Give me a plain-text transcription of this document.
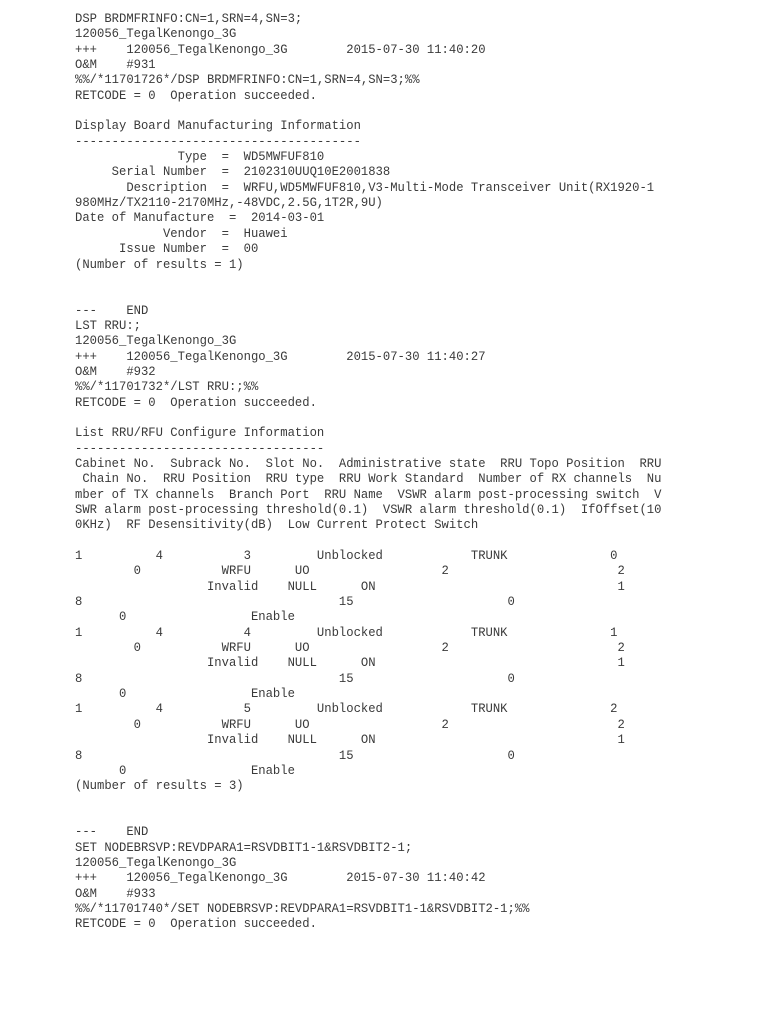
DSP BRDMFRINFO:CN=1,SRN=4,SN=3;
120056_TegalKenongo_3G
+++    120056_TegalKenongo_3G        2015-07-30 11:40:20
O&M    #931
%%/*11701726*/DSP BRDMFRINFO:CN=1,SRN=4,SN=3;%%
RETCODE = 0  Operation succeeded.
Display Board Manufacturing Information
---------------------------------------
Type  =  WD5MWFUF810
Serial Number  =  2102310UUQ10E2001838
Description  =  WRFU,WD5MWFUF810,V3-Multi-Mode Transceiver Unit(RX1920-1
980MHz/TX2110-2170MHz,-48VDC,2.5G,1T2R,9U)
Date of Manufacture  =  2014-03-01
Vendor  =  Huawei
Issue Number  =  00
(Number of results = 1)
---    END
LST RRU:;
120056_TegalKenongo_3G
+++    120056_TegalKenongo_3G        2015-07-30 11:40:27
O&M    #932
%%/*11701732*/LST RRU:;%%
RETCODE = 0  Operation succeeded.
List RRU/RFU Configure Information
----------------------------------
Cabinet No.  Subrack No.  Slot No.  Administrative state  RRU Topo Position  RRU
Chain No.  RRU Position  RRU type  RRU Work Standard  Number of RX channels  Nu
mber of TX channels  Branch Port  RRU Name  VSWR alarm post-processing switch  V
SWR alarm post-processing threshold(0.1)  VSWR alarm threshold(0.1)  IfOffset(10
0KHz)  RF Desensitivity(dB)  Low Current Protect Switch
1          4           3         Unblocked            TRUNK              0
0           WRFU      UO                  2                       2
Invalid    NULL      ON                                 1
8                                   15                     0
0                 Enable
1          4           4         Unblocked            TRUNK              1
0           WRFU      UO                  2                       2
Invalid    NULL      ON                                 1
8                                   15                     0
0                 Enable
1          4           5         Unblocked            TRUNK              2
0           WRFU      UO                  2                       2
Invalid    NULL      ON                                 1
8                                   15                     0
0                 Enable
(Number of results = 3)
---    END
SET NODEBRSVP:REVDPARA1=RSVDBIT1-1&RSVDBIT2-1;
120056_TegalKenongo_3G
+++    120056_TegalKenongo_3G        2015-07-30 11:40:42
O&M    #933
%%/*11701740*/SET NODEBRSVP:REVDPARA1=RSVDBIT1-1&RSVDBIT2-1;%%
RETCODE = 0  Operation succeeded.
